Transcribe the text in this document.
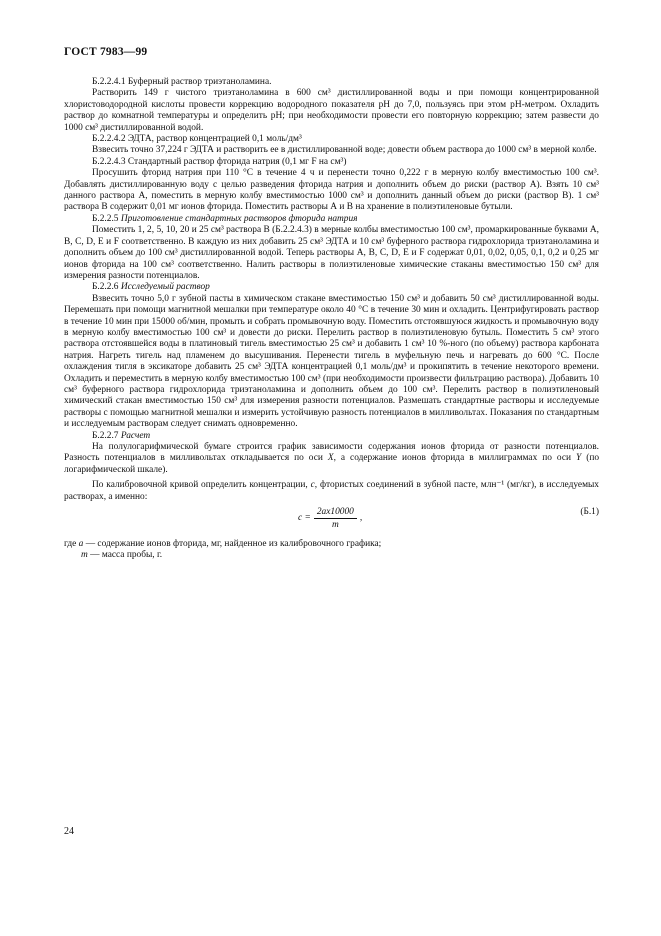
ГОСТ 7983—99

Б.2.2.4.1 Буферный раствор триэтаноламина.

Растворить 149 г чистого триэтаноламина в 600 см³ дистиллированной воды и при помощи концентрированной хлористоводородной кислоты провести коррекцию водородного показателя pH до 7,0, пользуясь при этом pH-метром. Охладить раствор до комнатной температуры и определить pH; при необходимости провести его повторную коррекцию; затем развести до 1000 см³ дистиллированной водой.

Б.2.2.4.2 ЭДТА, раствор концентрацией 0,1 моль/дм³

Взвесить точно 37,224 г ЭДТА и растворить ее в дистиллированной воде; довести объем раствора до 1000 см³ в мерной колбе.

Б.2.2.4.3 Стандартный раствор фторида натрия (0,1 мг F на см³)

Просушить фторид натрия при 110 °С в течение 4 ч и перенести точно 0,222 г в мерную колбу вместимостью 100 см³. Добавлять дистиллированную воду с целью разведения фторида натрия и дополнить объем до риски (раствор А). Взять 10 см³ данного раствора А, поместить в мерную колбу вместимостью 1000 см³ и дополнить данный объем до риски (раствор В). 1 см³ раствора В содержит 0,01 мг ионов фторида. Поместить растворы А и В на хранение в полиэтиленовые бутыли.

Б.2.2.5 Приготовление стандартных растворов фторида натрия

Поместить 1, 2, 5, 10, 20 и 25 см³ раствора В (Б.2.2.4.3) в мерные колбы вместимостью 100 см³, промаркированные буквами А, В, С, D, Е и F соответственно. В каждую из них добавить 25 см³ ЭДТА и 10 см³ буферного раствора гидрохлорида триэтаноламина и дополнить объем до 100 см³ дистиллированной водой. Теперь растворы А, В, С, D, Е и F содержат 0,01, 0,02, 0,05, 0,1, 0,2 и 0,25 мг ионов фторида на 100 см³ соответственно. Налить растворы в полиэтиленовые химические стаканы вместимостью 150 см³ для измерения разности потенциалов.

Б.2.2.6 Исследуемый раствор

Взвесить точно 5,0 г зубной пасты в химическом стакане вместимостью 150 см³ и добавить 50 см³ дистиллированной воды. Перемешать при помощи магнитной мешалки при температуре около 40 °С в течение 30 мин и охладить. Центрифугировать раствор в течение 10 мин при 15000 об/мин, промыть и собрать промывочную воду. Поместить отстоявшуюся жидкость и промывочную воду в мерную колбу вместимостью 100 см³ и довести до риски. Перелить раствор в полиэтиленовую бутыль. Поместить 5 см³ этого раствора отстоявшейся воды в платиновый тигель вместимостью 25 см³ и добавить 1 см³ 10 %-ного (по объему) раствора карбоната натрия. Нагреть тигель над пламенем до высушивания. Перенести тигель в муфельную печь и нагревать до 600 °С. После охлаждения тигля в эксикаторе добавить 25 см³ ЭДТА концентрацией 0,1 моль/дм³ и прокипятить в течение некоторого времени. Охладить и переместить в мерную колбу вместимостью 100 см³ (при необходимости произвести фильтрацию раствора). Добавить 10 см³ буферного раствора гидрохлорида триэтаноламина и дополнить объем до 100 см³. Перелить раствор в полиэтиленовый химический стакан вместимостью 150 см³ для измерения разности потенциалов. Размешать стандартные растворы и исследуемые растворы с помощью магнитной мешалки и измерить устойчивую разность потенциалов в милливольтах. Показания по стандартным и исследуемым растворам следует снимать одновременно.

Б.2.2.7 Расчет

На полулогарифмической бумаге строится график зависимости содержания ионов фторида от разности потенциалов. Разность потенциалов в милливольтах откладывается по оси X, а содержание ионов фторида в миллиграммах по оси Y (по логарифмической шкале).

По калибровочной кривой определить концентрации, с, фтористых соединений в зубной пасте, млн⁻¹ (мг/кг), в исследуемых растворах, а именно:

$c = \frac{2ax10000}{m}$ ,
(Б.1)

где а — содержание ионов фторида, мг, найденное из калибровочного графика;

m — масса пробы, г.

24
